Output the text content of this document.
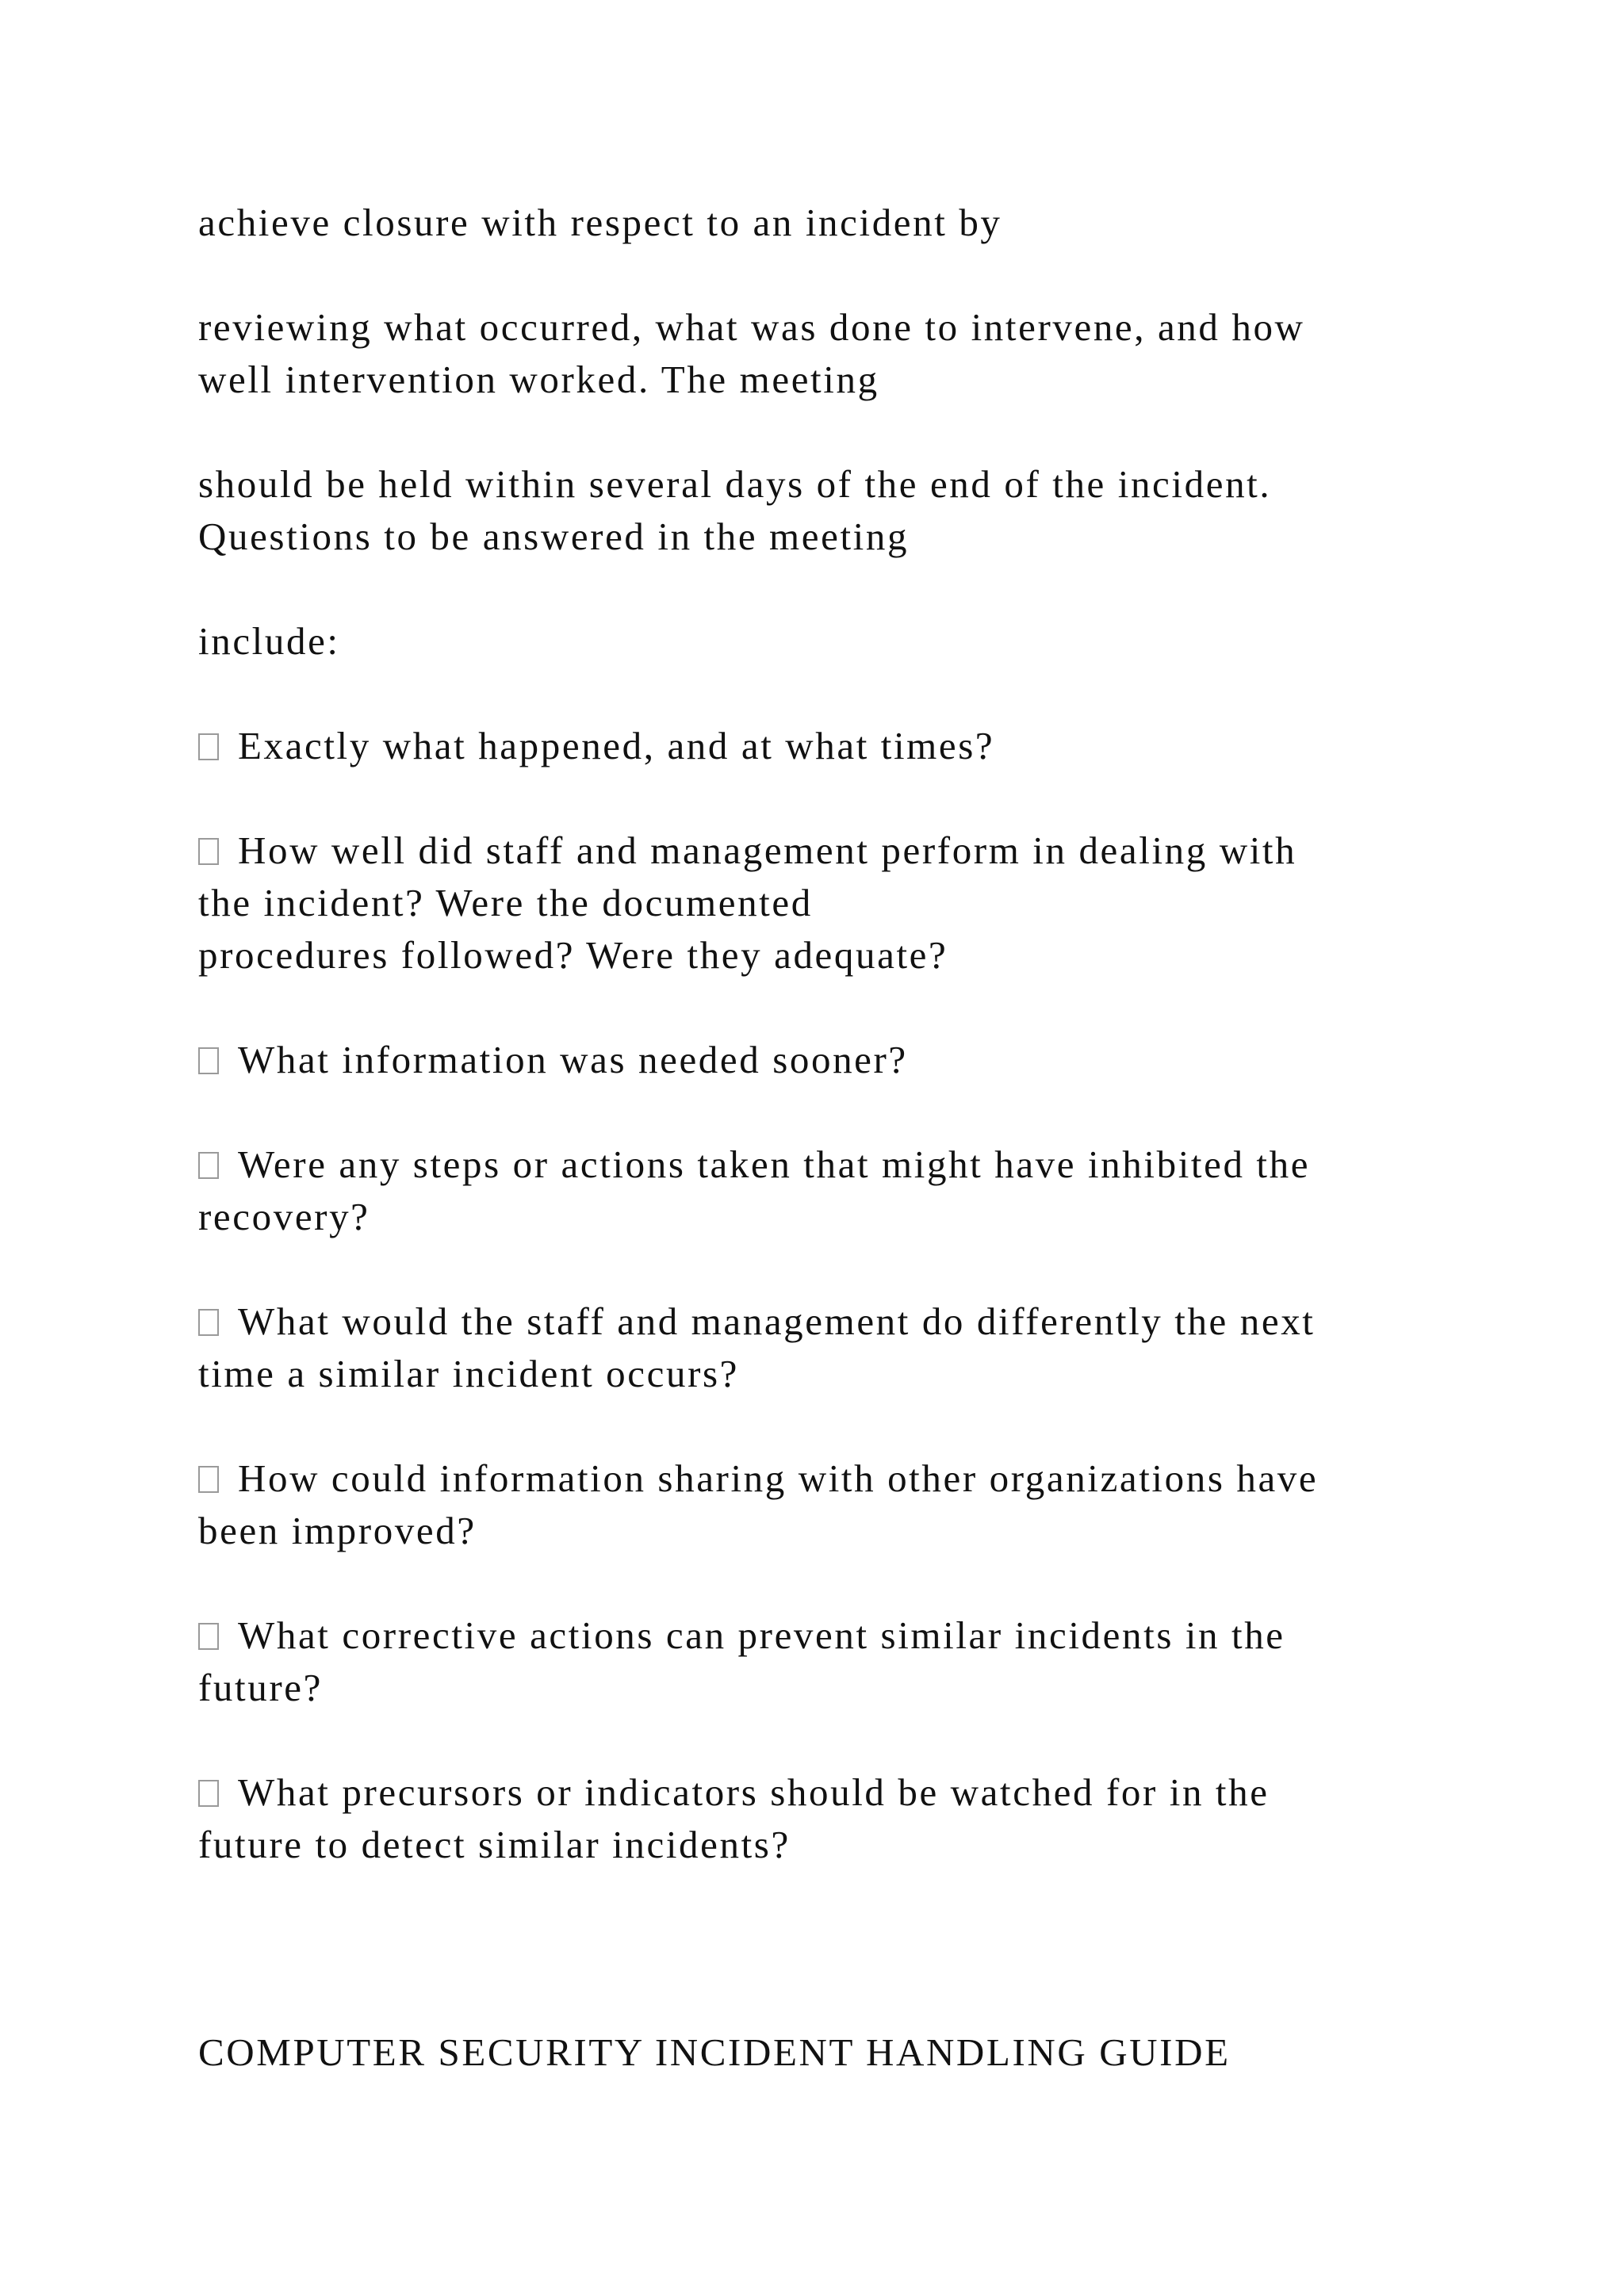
achieve closure with respect to an incident by

reviewing what occurred, what was done to intervene, and how
well intervention worked. The meeting

should be held within several days of the end of the incident.
Questions to be answered in the meeting

include:

Exactly what happened, and at what times?

How well did staff and management perform in dealing with
the incident? Were the documented
procedures followed? Were they adequate?

What information was needed sooner?

Were any steps or actions taken that might have inhibited the
recovery?

What would the staff and management do differently the next
time a similar incident occurs?

How could information sharing with other organizations have
been improved?

What corrective actions can prevent similar incidents in the
future?

What precursors or indicators should be watched for in the
future to detect similar incidents?

COMPUTER SECURITY INCIDENT HANDLING GUIDE
